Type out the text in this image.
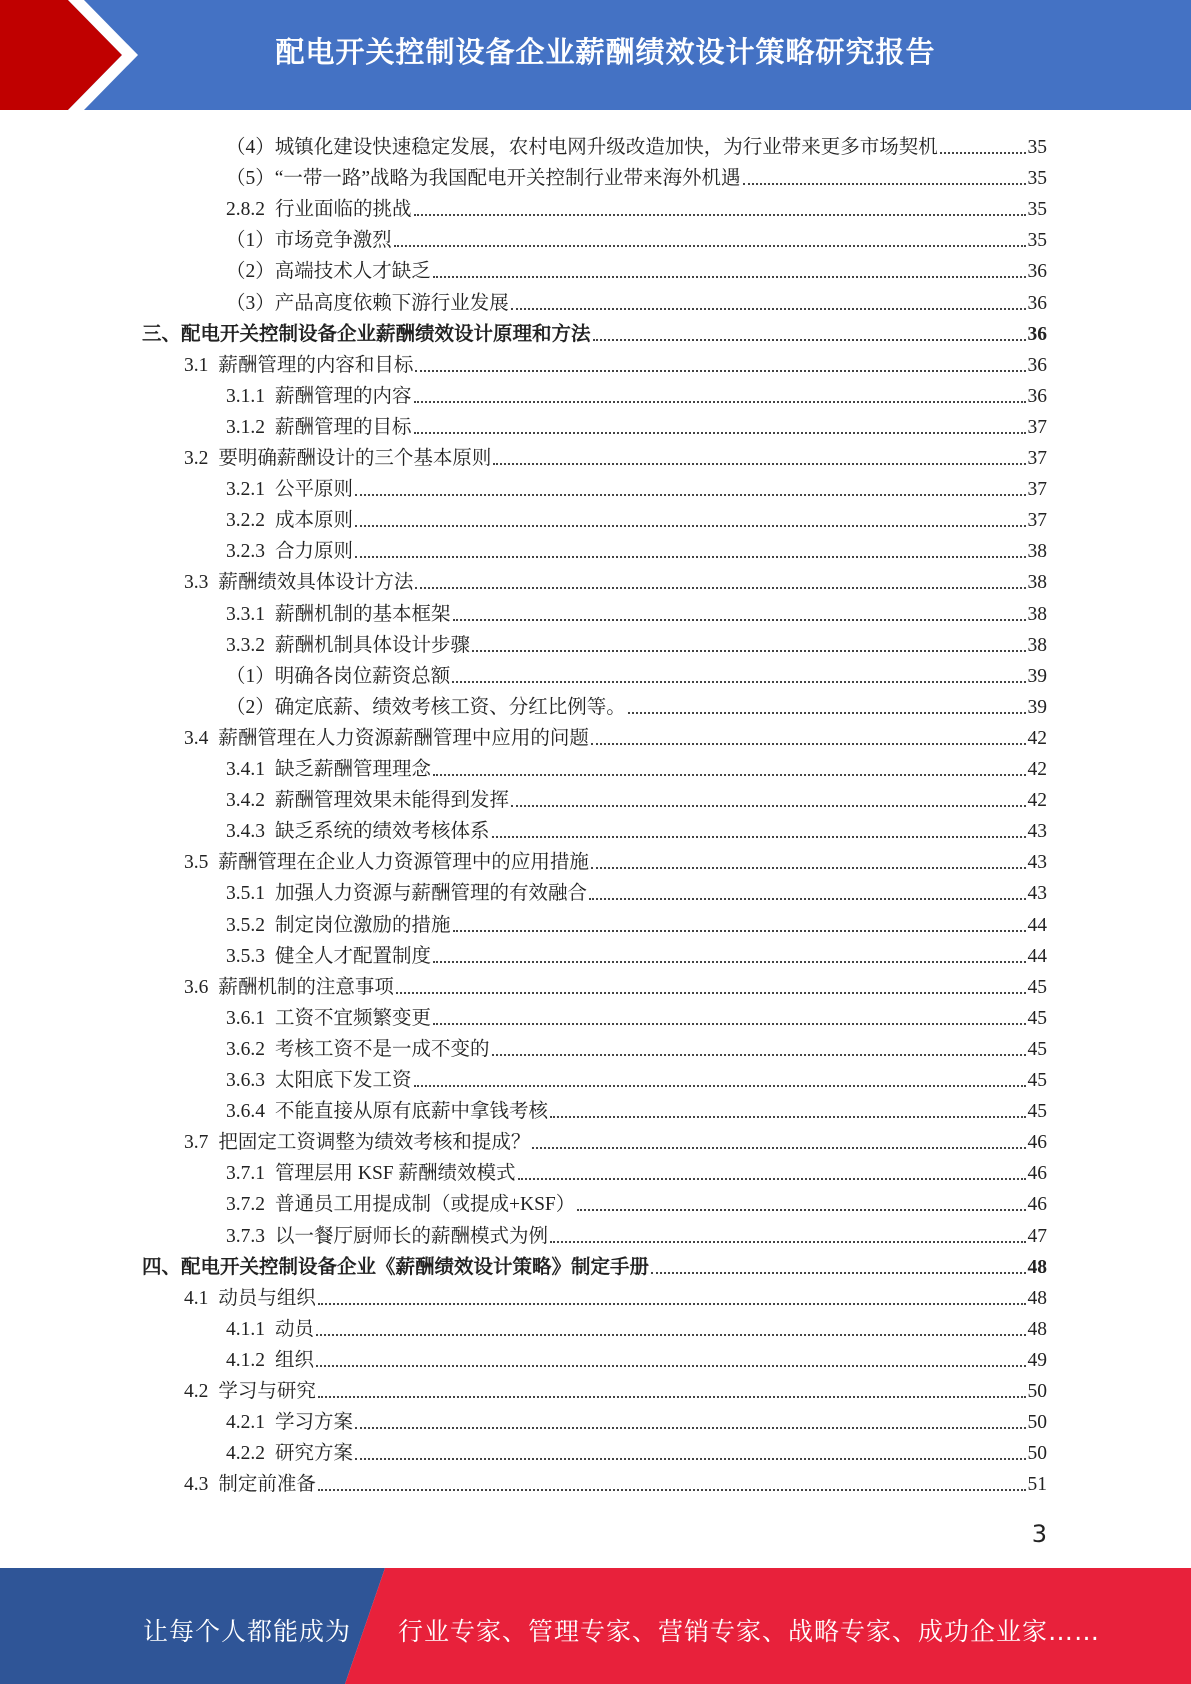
配电开关控制设备企业薪酬绩效设计策略研究报告
（4）城镇化建设快速稳定发展，农村电网升级改造加快，为行业带来更多市场契机	35
（5）“一带一路”战略为我国配电开关控制行业带来海外机遇	35
2.8.2 行业面临的挑战	35
（1）市场竞争激烈	35
（2）高端技术人才缺乏	36
（3）产品高度依赖下游行业发展	36
三、配电开关控制设备企业薪酬绩效设计原理和方法	36
3.1 薪酬管理的内容和目标	36
3.1.1 薪酬管理的内容	36
3.1.2 薪酬管理的目标	37
3.2 要明确薪酬设计的三个基本原则	37
3.2.1 公平原则	37
3.2.2 成本原则	37
3.2.3 合力原则	38
3.3 薪酬绩效具体设计方法	38
3.3.1 薪酬机制的基本框架	38
3.3.2 薪酬机制具体设计步骤	38
（1）明确各岗位薪资总额	39
（2）确定底薪、绩效考核工资、分红比例等。	39
3.4 薪酬管理在人力资源薪酬管理中应用的问题	42
3.4.1 缺乏薪酬管理理念	42
3.4.2 薪酬管理效果未能得到发挥	42
3.4.3 缺乏系统的绩效考核体系	43
3.5 薪酬管理在企业人力资源管理中的应用措施	43
3.5.1 加强人力资源与薪酬管理的有效融合	43
3.5.2 制定岗位激励的措施	44
3.5.3 健全人才配置制度	44
3.6 薪酬机制的注意事项	45
3.6.1 工资不宜频繁变更	45
3.6.2 考核工资不是一成不变的	45
3.6.3 太阳底下发工资	45
3.6.4 不能直接从原有底薪中拿钱考核	45
3.7 把固定工资调整为绩效考核和提成？	46
3.7.1 管理层用 KSF 薪酬绩效模式	46
3.7.2 普通员工用提成制（或提成+KSF）	46
3.7.3 以一餐厅厨师长的薪酬模式为例	47
四、配电开关控制设备企业《薪酬绩效设计策略》制定手册	48
4.1 动员与组织	48
4.1.1 动员	48
4.1.2 组织	49
4.2 学习与研究	50
4.2.1 学习方案	50
4.2.2 研究方案	50
4.3 制定前准备	51
3
让每个人都能成为 行业专家、管理专家、营销专家、战略专家、成功企业家……
